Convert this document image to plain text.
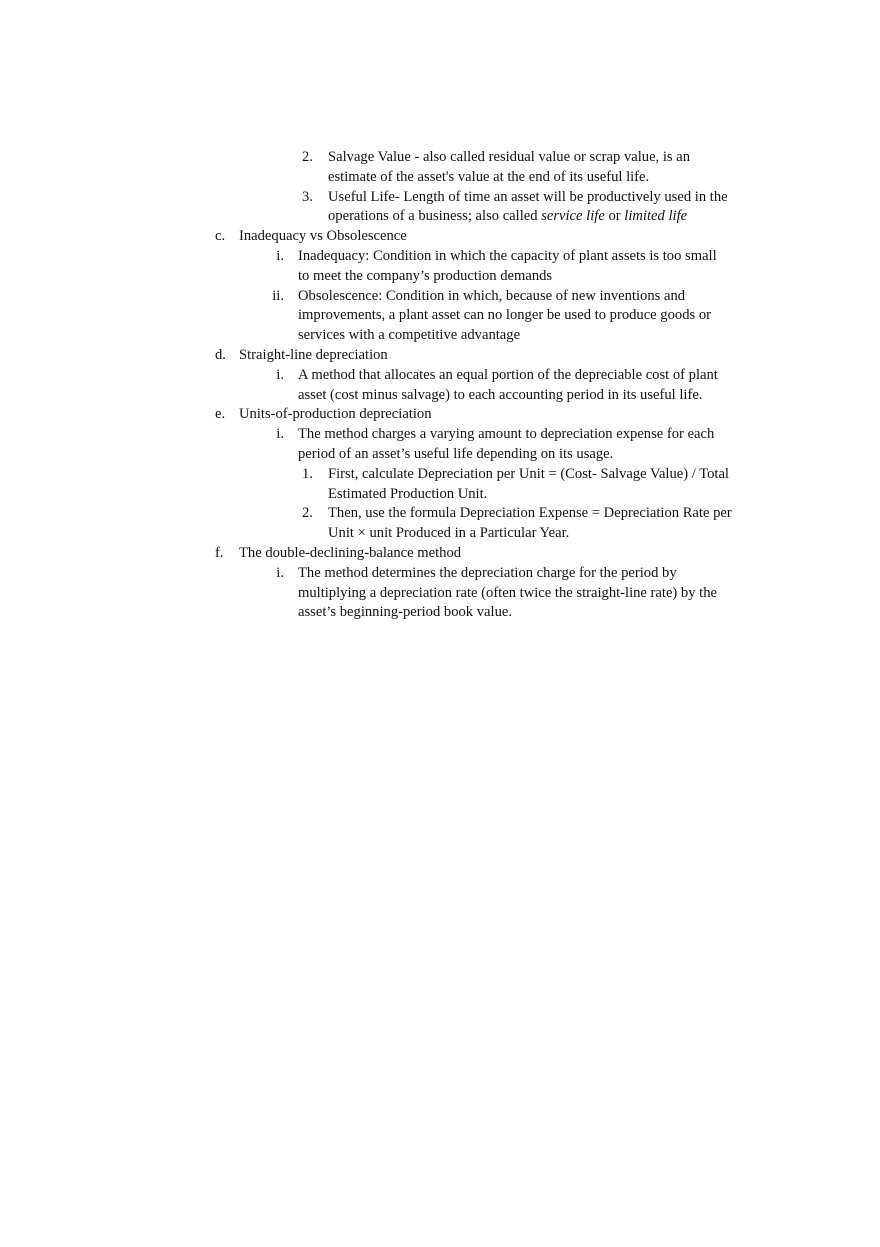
2.	Salvage Value - also called residual value or scrap value, is an estimate of the asset's value at the end of its useful life.
3.	Useful Life- Length of time an asset will be productively used in the operations of a business; also called service life or limited life
c. Inadequacy vs Obsolescence
i. Inadequacy: Condition in which the capacity of plant assets is too small to meet the company’s production demands
ii. Obsolescence: Condition in which, because of new inventions and improvements, a plant asset can no longer be used to produce goods or services with a competitive advantage
d. Straight-line depreciation
i. A method that allocates an equal portion of the depreciable cost of plant asset (cost minus salvage) to each accounting period in its useful life.
e. Units-of-production depreciation
i. The method charges a varying amount to depreciation expense for each period of an asset’s useful life depending on its usage.
1.	First, calculate Depreciation per Unit = (Cost- Salvage Value) / Total Estimated Production Unit.
2.	Then, use the formula Depreciation Expense = Depreciation Rate per Unit × unit Produced in a Particular Year.
f.	The double-declining-balance method
i. The method determines the depreciation charge for the period by multiplying a depreciation rate (often twice the straight-line rate) by the asset’s beginning-period book value.
